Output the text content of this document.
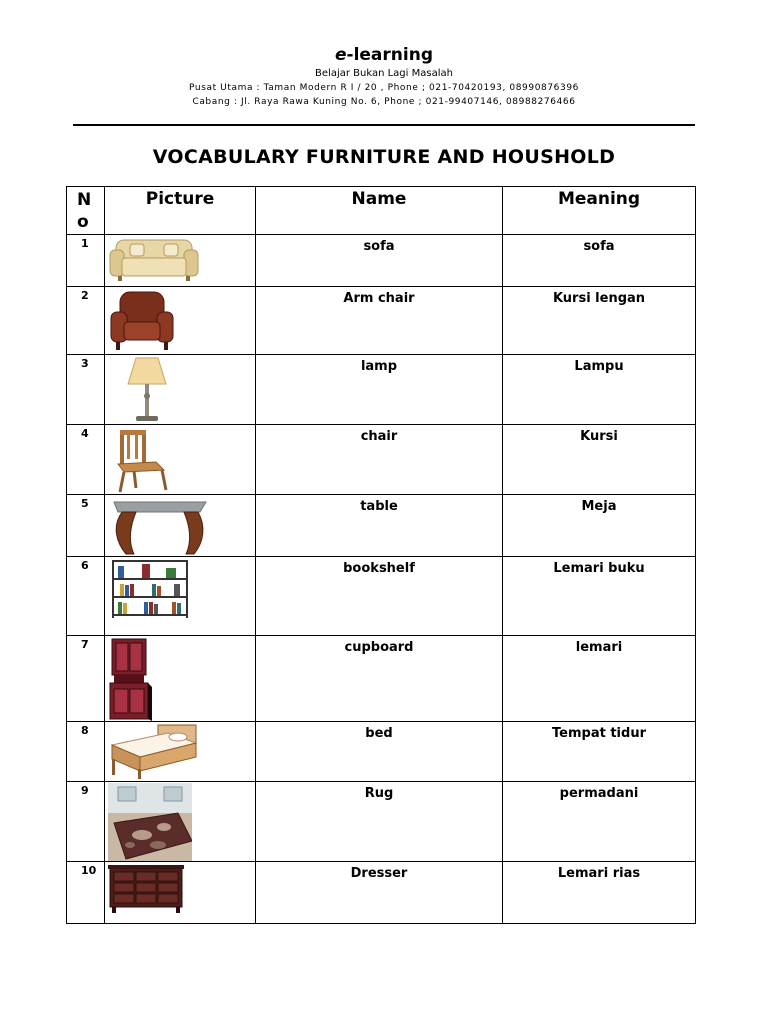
e-learning
Belajar Bukan Lagi Masalah
Pusat Utama : Taman Modern R I / 20 , Phone ; 021-70420193, 08990876396
Cabang : Jl. Raya Rawa Kuning No. 6, Phone ; 021-99407146, 08988276466
VOCABULARY FURNITURE AND HOUSHOLD
N
o	Picture	Name	Meaning
1		sofa	sofa
2		Arm chair	Kursi lengan
3		lamp	Lampu
4		chair	Kursi
5		table	Meja
6		bookshelf	Lemari buku
7		cupboard	lemari
8		bed	Tempat tidur
9		Rug	permadani
10		Dresser	Lemari rias
